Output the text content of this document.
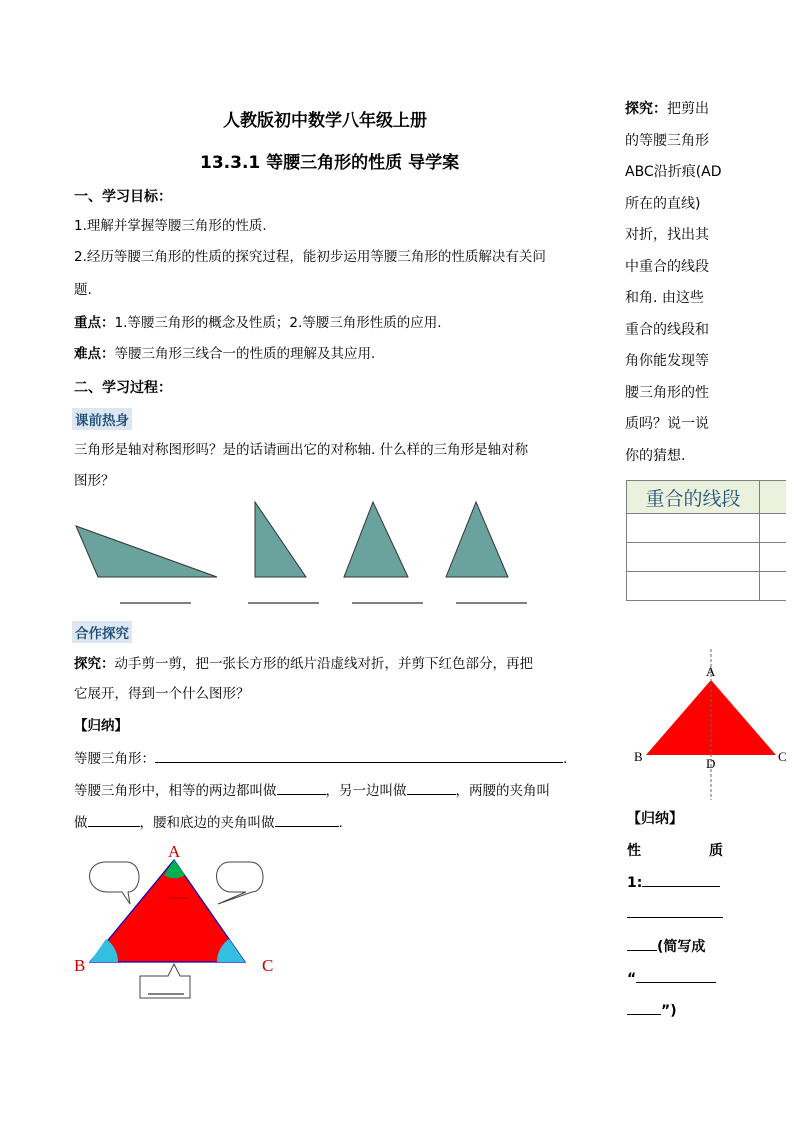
人教版初中数学八年级上册
13.3.1 等腰三角形的性质 导学案
一、学习目标：
1.理解并掌握等腰三角形的性质.
2.经历等腰三角形的性质的探究过程，能初步运用等腰三角形的性质解决有关问
题.
重点：1.等腰三角形的概念及性质；2.等腰三角形性质的应用.
难点：等腰三角形三线合一的性质的理解及其应用.
二、学习过程：
课前热身
三角形是轴对称图形吗？是的话请画出它的对称轴. 什么样的三角形是轴对称
图形？
合作探究
探究：动手剪一剪，把一张长方形的纸片沿虚线对折，并剪下红色部分，再把
它展开，得到一个什么图形？
【归纳】
等腰三角形：	.
等腰三角形中，相等的两边都叫做	，另一边叫做	，两腰的夹角叫
做	，腰和底边的夹角叫做	.
A
B	C
探究：把剪出
的等腰三角形
ABC沿折痕(AD
所在的直线)
对折，找出其
中重合的线段
和角. 由这些
重合的线段和
角你能发现等
腰三角形的性
质吗？说一说
你的猜想.
重合的线段	

A
B	C
D
【归纳】
性	质
1:
(简写成
“
”)
